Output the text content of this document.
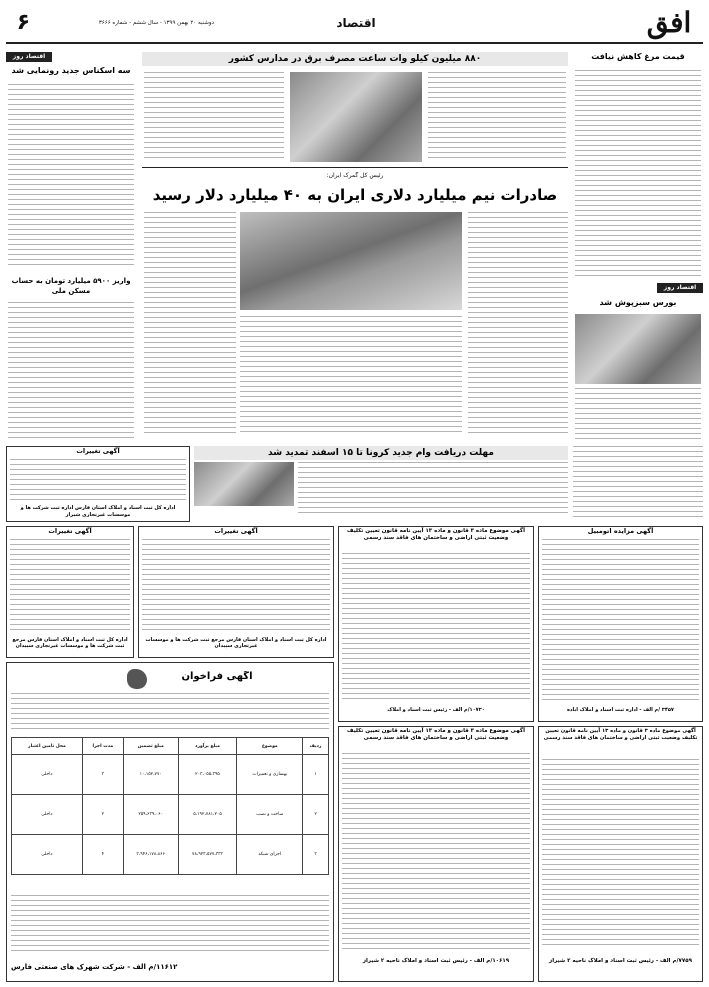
افق
اقتصاد
۶	دوشنبه ۲۰ بهمن ۱۳۹۹ - سال ششم - شماره ۳۶۶۶
قیمت مرغ کاهش نیافت
اقتصاد روز
بورس سبزپوش شد
۸۸۰ میلیون کیلو وات ساعت مصرف برق در مدارس کشور
اقتصاد روز
سه اسکناس جدید رونمایی شد
واریز ۵۹۰۰ میلیارد تومان به حساب مسکن ملی
رئیس کل گمرک ایران:
صادرات نیم میلیارد دلاری ایران به ۴۰ میلیارد دلار رسید
آگهی تغییرات
اداره کل ثبت اسناد و املاک استان فارس اداره ثبت شرکت ها و موسسات غیرتجاری شیراز
مهلت دریافت وام جدید کرونا تا ۱۵ اسفند تمدید شد
آگهی تغییرات
اداره کل ثبت اسناد و املاک استان فارس مرجع ثبت شرکت ها و موسسات غیرتجاری سپیدان
آگهی تغییرات
اداره کل ثبت اسناد و املاک استان فارس مرجع ثبت شرکت ها و موسسات غیرتجاری سپیدان
آگهی موضوع ماده ۳ قانون و ماده ۱۳ آیین نامه قانون تعیین تکلیف وضعیت ثبتی اراضی و ساختمان های فاقد سند رسمی
۱۰۷۳۰/م الف - رئیس ثبت اسناد و املاک
آگهی مزایده اتومبیل
۳۴۵۷ /م الف - اداره ثبت اسناد و املاک آباده
آگهی فراخوان
ردیف	موضوع	مبلغ برآورد	مبلغ تضمین	مدت اجرا	محل تامین اعتبار
۱	بهسازی و تعمیرات	۲۰۳،۰۵۵،۳۹۵	۱۰،۱۵۲،۷۷۰	۳	داخلی
۲	ساخت و نصب	۵،۱۹۲،۷۸۱،۲۰۵	۲۵۹،۶۳۹،۰۶۰	۲	داخلی
۳	اجرای شبکه	۷۸،۹۲۳،۵۷۷،۳۳۳	۳،۹۴۶،۱۷۸،۸۶۶	۴	داخلی
۱۱۶۱۲/م الف - شرکت شهرک های صنعتی فارس
آگهی موضوع ماده ۳ قانون و ماده ۱۳ آیین نامه قانون تعیین تکلیف وضعیت ثبتی اراضی و ساختمان های فاقد سند رسمی
۱۰۶۱۹/م الف - رئیس ثبت اسناد و املاک ناحیه ۲ شیراز
آگهی موضوع ماده ۳ قانون و ماده ۱۳ آیین نامه قانون تعیین تکلیف وضعیت ثبتی اراضی و ساختمان های فاقد سند رسمی
۷۷۵۹/م الف - رئیس ثبت اسناد و املاک ناحیه ۲ شیراز
